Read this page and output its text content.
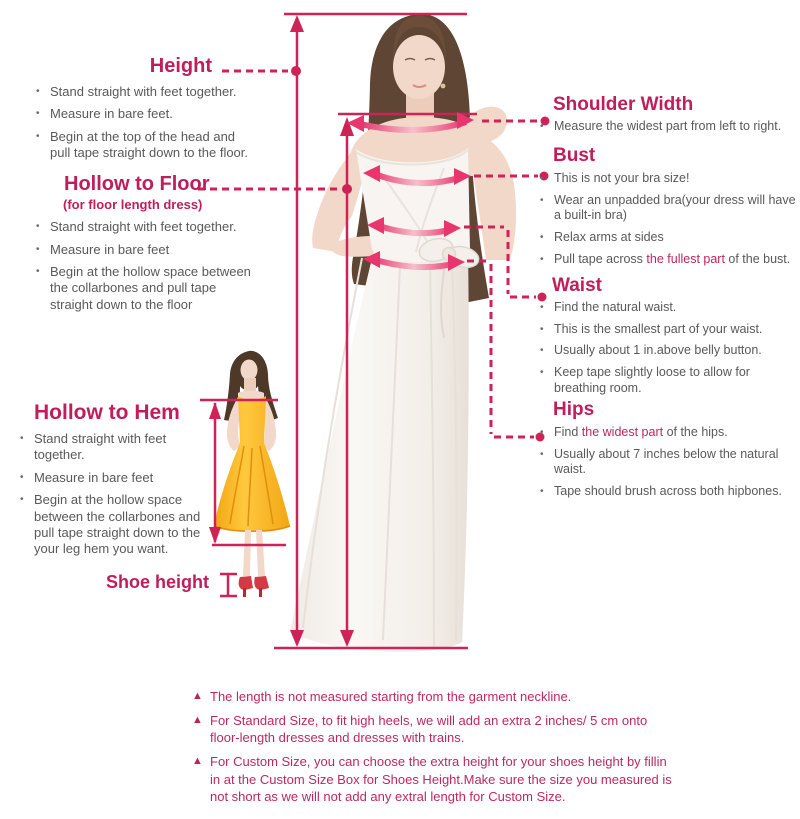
Height
• Stand straight with feet together.
• Measure in bare feet.
• Begin at the top of the head and pull tape straight down to the floor.
Hollow to Floor
(for floor length dress)
• Stand straight with feet together.
• Measure in bare feet
• Begin at the hollow space between the collarbones and pull tape straight down to the floor
Hollow to Hem
• Stand straight with feet together.
• Measure in bare feet
• Begin at the hollow space between the collarbones and pull tape straight down to the your leg hem you want.
Shoe height
Shoulder Width
• Measure the widest part from left to right.
Bust
• This is not your bra size!
• Wear an unpadded bra(your dress will have a built-in bra)
• Relax arms at sides
• Pull tape across the fullest part of the bust.
Waist
• Find the natural waist.
• This is the smallest part of your waist.
• Usually about 1 in.above belly button.
• Keep tape slightly loose to allow for breathing room.
Hips
• Find the widest part of the hips.
• Usually about 7 inches below the natural waist.
• Tape should brush across both hipbones.
▲ The length is not measured starting from the garment neckline.
▲ For Standard Size, to fit high heels, we will add an extra 2 inches/ 5 cm onto floor-length dresses and dresses with trains.
▲ For Custom Size, you can choose the extra height for your shoes height by fillin in at the Custom Size Box for Shoes Height.Make sure the size you measured is not short as we will not add any extral length for Custom Size.
